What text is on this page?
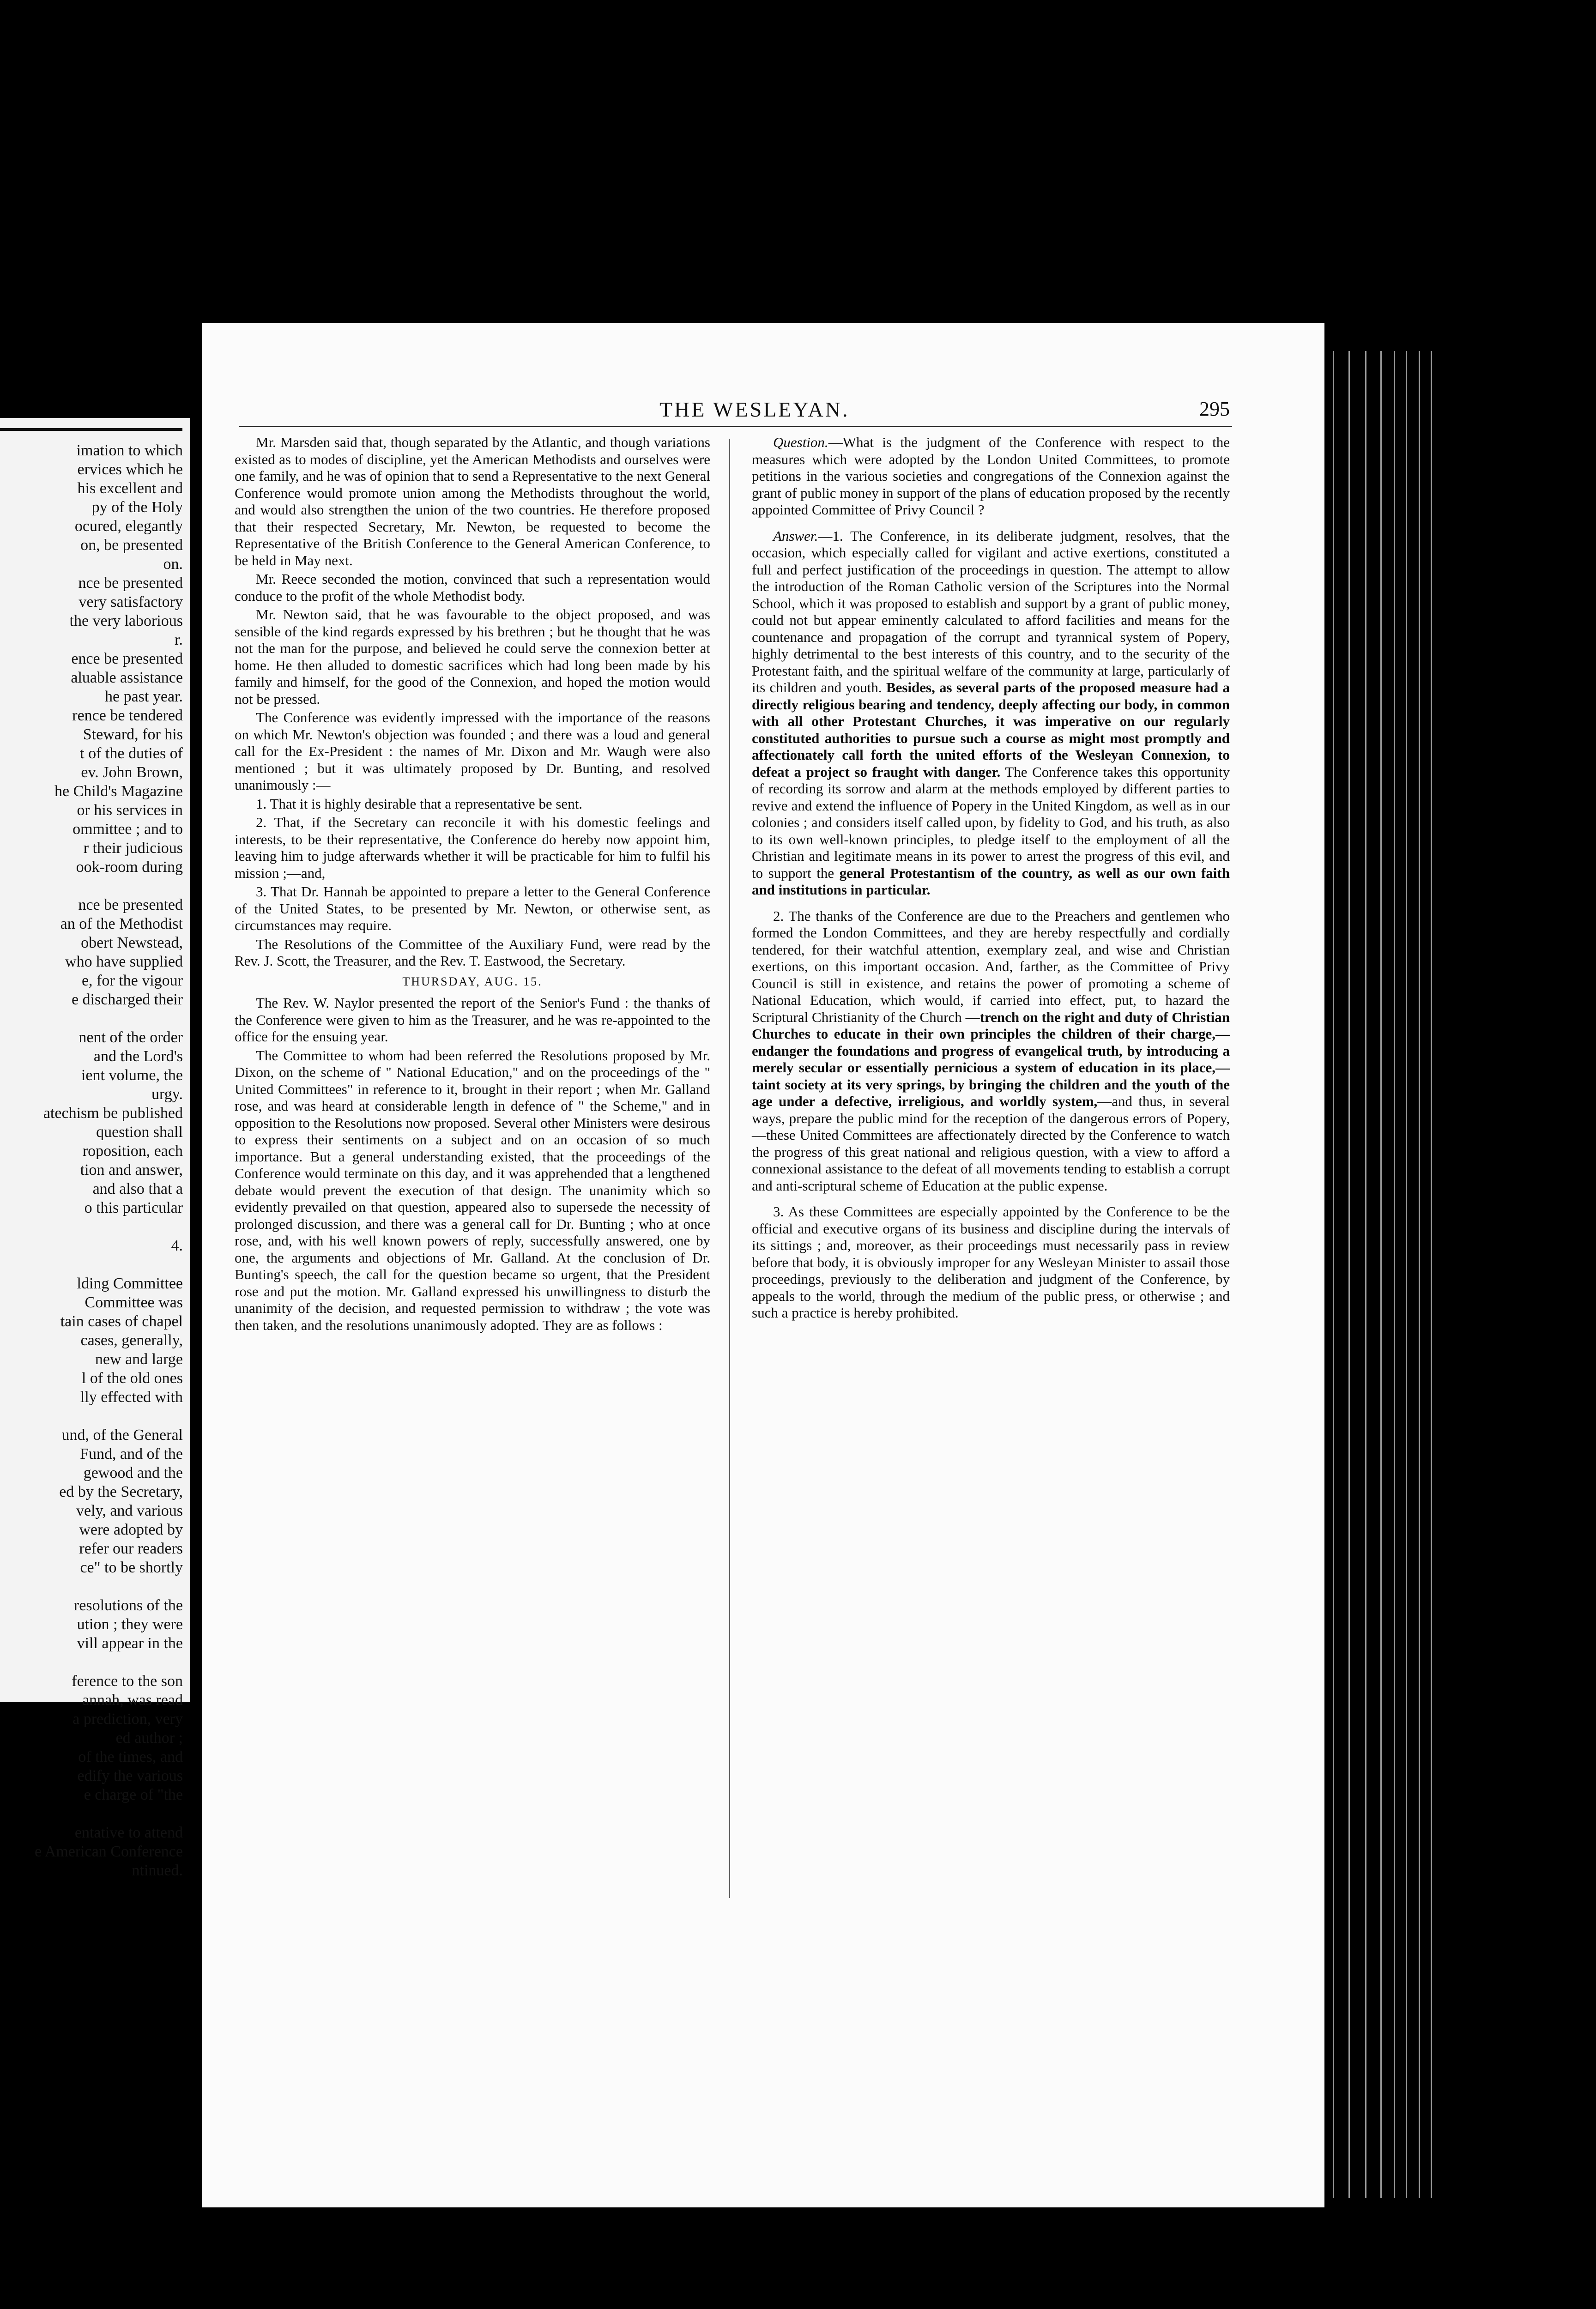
imation to which
ervices which he
his excellent and
py of the Holy
ocured, elegantly
on, be presented
on.
nce be presented
very satisfactory
the very laborious
r.
ence be presented
aluable assistance
he past year.
rence be tendered
Steward, for his
t of the duties of
ev. John Brown,
he Child's Magazine
or his services in
ommittee ; and to
r their judicious
ook-room during
nce be presented
an of the Methodist
obert Newstead,
who have supplied
e, for the vigour
e discharged their
nent of the order
and the Lord's
ient volume, the
urgy.
atechism be published
question shall
roposition, each
tion and answer,
and also that a
o this particular
4.
lding Committee
Committee was
tain cases of chapel
cases, generally,
new and large
l of the old ones
lly effected with
und, of the General
Fund, and of the
gewood and the
ed by the Secretary,
vely, and various
were adopted by
refer our readers
ce" to be shortly
resolutions of the
ution ; they were
vill appear in the
ference to the son
annah, was read
a prediction, very
ed author ;
of the times, and
edify the various
e charge of "the
entative to attend
e American Conference
ntinued.
THE WESLEYAN.	295

Mr. Marsden said that, though separated by the Atlantic, and though variations existed as to modes of discipline, yet the American Methodists and ourselves were one family, and he was of opinion that to send a Representative to the next General Conference would promote union among the Methodists throughout the world, and would also strengthen the union of the two countries. He therefore proposed that their respected Secretary, Mr. Newton, be requested to become the Representative of the British Conference to the General American Conference, to be held in May next.

Mr. Reece seconded the motion, convinced that such a representation would conduce to the profit of the whole Methodist body.

Mr. Newton said, that he was favourable to the object proposed, and was sensible of the kind regards expressed by his brethren ; but he thought that he was not the man for the purpose, and believed he could serve the connexion better at home. He then alluded to domestic sacrifices which had long been made by his family and himself, for the good of the Connexion, and hoped the motion would not be pressed.

The Conference was evidently impressed with the importance of the reasons on which Mr. Newton's objection was founded ; and there was a loud and general call for the Ex-President : the names of Mr. Dixon and Mr. Waugh were also mentioned ; but it was ultimately proposed by Dr. Bunting, and resolved unanimously :—

1. That it is highly desirable that a representative be sent.

2. That, if the Secretary can reconcile it with his domestic feelings and interests, to be their representative, the Conference do hereby now appoint him, leaving him to judge afterwards whether it will be practicable for him to fulfil his mission ;—and,

3. That Dr. Hannah be appointed to prepare a letter to the General Conference of the United States, to be presented by Mr. Newton, or otherwise sent, as circumstances may require.

The Resolutions of the Committee of the Auxiliary Fund, were read by the Rev. J. Scott, the Treasurer, and the Rev. T. Eastwood, the Secretary.

THURSDAY, AUG. 15.

The Rev. W. Naylor presented the report of the Senior's Fund : the thanks of the Conference were given to him as the Treasurer, and he was re-appointed to the office for the ensuing year.

The Committee to whom had been referred the Resolutions proposed by Mr. Dixon, on the scheme of " National Education," and on the proceedings of the " United Committees" in reference to it, brought in their report ; when Mr. Galland rose, and was heard at considerable length in defence of " the Scheme," and in opposition to the Resolutions now proposed. Several other Ministers were desirous to express their sentiments on a subject and on an occasion of so much importance. But a general understanding existed, that the proceedings of the Conference would terminate on this day, and it was apprehended that a lengthened debate would prevent the execution of that design. The unanimity which so evidently prevailed on that question, appeared also to supersede the necessity of prolonged discussion, and there was a general call for Dr. Bunting ; who at once rose, and, with his well known powers of reply, successfully answered, one by one, the arguments and objections of Mr. Galland. At the conclusion of Dr. Bunting's speech, the call for the question became so urgent, that the President rose and put the motion. Mr. Galland expressed his unwillingness to disturb the unanimity of the decision, and requested permission to withdraw ; the vote was then taken, and the resolutions unanimously adopted. They are as follows :

Question.—What is the judgment of the Conference with respect to the measures which were adopted by the London United Committees, to promote petitions in the various societies and congregations of the Connexion against the grant of public money in support of the plans of education proposed by the recently appointed Committee of Privy Council ?

Answer.—1. The Conference, in its deliberate judgment, resolves, that the occasion, which especially called for vigilant and active exertions, constituted a full and perfect justification of the proceedings in question. The attempt to allow the introduction of the Roman Catholic version of the Scriptures into the Normal School, which it was proposed to establish and support by a grant of public money, could not but appear eminently calculated to afford facilities and means for the countenance and propagation of the corrupt and tyrannical system of Popery, highly detrimental to the best interests of this country, and to the security of the Protestant faith, and the spiritual welfare of the community at large, particularly of its children and youth. Besides, as several parts of the proposed measure had a directly religious bearing and tendency, deeply affecting our body, in common with all other Protestant Churches, it was imperative on our regularly constituted authorities to pursue such a course as might most promptly and affectionately call forth the united efforts of the Wesleyan Connexion, to defeat a project so fraught with danger. The Conference takes this opportunity of recording its sorrow and alarm at the methods employed by different parties to revive and extend the influence of Popery in the United Kingdom, as well as in our colonies ; and considers itself called upon, by fidelity to God, and his truth, as also to its own well-known principles, to pledge itself to the employment of all the Christian and legitimate means in its power to arrest the progress of this evil, and to support the general Protestantism of the country, as well as our own faith and institutions in particular.

2. The thanks of the Conference are due to the Preachers and gentlemen who formed the London Committees, and they are hereby respectfully and cordially tendered, for their watchful attention, exemplary zeal, and wise and Christian exertions, on this important occasion. And, farther, as the Committee of Privy Council is still in existence, and retains the power of promoting a scheme of National Education, which would, if carried into effect, put, to hazard the Scriptural Christianity of the Church —trench on the right and duty of Christian Churches to educate in their own principles the children of their charge,—endanger the foundations and progress of evangelical truth, by introducing a merely secular or essentially pernicious a system of education in its place,—taint society at its very springs, by bringing the children and the youth of the age under a defective, irreligious, and worldly system,—and thus, in several ways, prepare the public mind for the reception of the dangerous errors of Popery,—these United Committees are affectionately directed by the Conference to watch the progress of this great national and religious question, with a view to afford a connexional assistance to the defeat of all movements tending to establish a corrupt and anti-scriptural scheme of Education at the public expense.

3. As these Committees are especially appointed by the Conference to be the official and executive organs of its business and discipline during the intervals of its sittings ; and, moreover, as their proceedings must necessarily pass in review before that body, it is obviously improper for any Wesleyan Minister to assail those proceedings, previously to the deliberation and judgment of the Conference, by appeals to the world, through the medium of the public press, or otherwise ; and such a practice is hereby prohibited.
